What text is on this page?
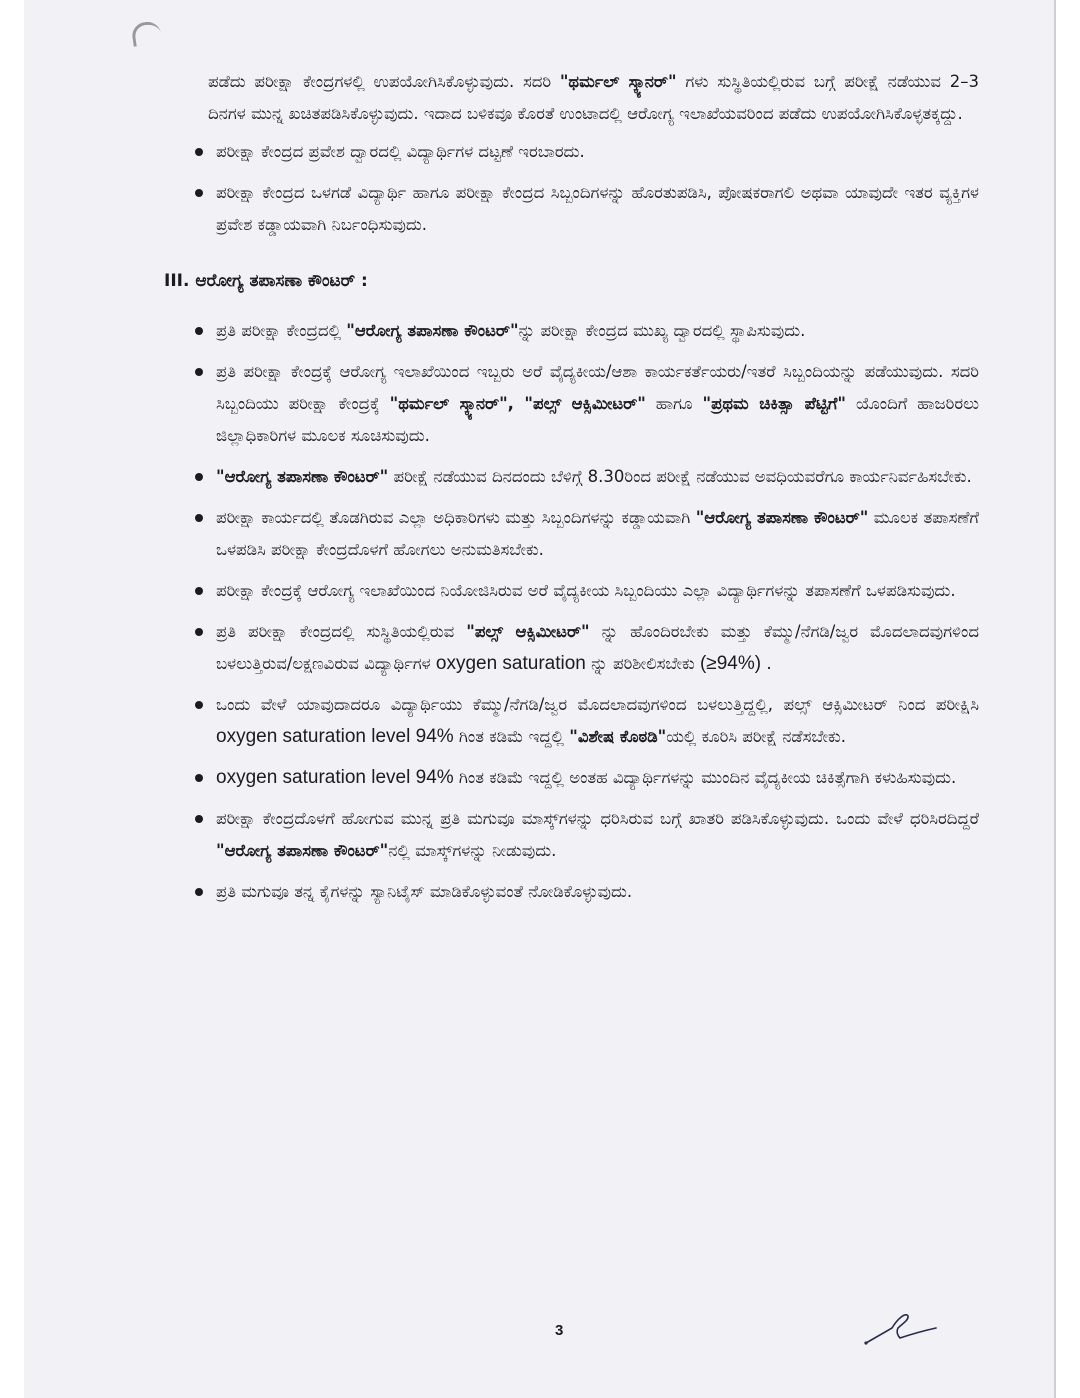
ಪಡೆದು ಪರೀಕ್ಷಾ ಕೇಂದ್ರಗಳಲ್ಲಿ ಉಪಯೋಗಿಸಿಕೊಳ್ಳುವುದು. ಸದರಿ "ಥರ್ಮಲ್ ಸ್ಕ್ಯಾನರ್" ಗಳು ಸುಸ್ಥಿತಿಯಲ್ಲಿರುವ ಬಗ್ಗೆ ಪರೀಕ್ಷೆ ನಡೆಯುವ 2–3 ದಿನಗಳ ಮುನ್ನ ಖಚಿತಪಡಿಸಿಕೊಳ್ಳುವುದು. ಇದಾದ ಬಳಿಕವೂ ಕೊರತೆ ಉಂಟಾದಲ್ಲಿ ಆರೋಗ್ಯ ಇಲಾಖೆಯವರಿಂದ ಪಡೆದು ಉಪಯೋಗಿಸಿಕೊಳ್ಳತಕ್ಕದ್ದು.

ಪರೀಕ್ಷಾ ಕೇಂದ್ರದ ಪ್ರವೇಶ ದ್ವಾರದಲ್ಲಿ ವಿದ್ಯಾರ್ಥಿಗಳ ದಟ್ಟಣೆ ಇರಬಾರದು.
ಪರೀಕ್ಷಾ ಕೇಂದ್ರದ ಒಳಗಡೆ ವಿದ್ಯಾರ್ಥಿ ಹಾಗೂ ಪರೀಕ್ಷಾ ಕೇಂದ್ರದ ಸಿಬ್ಬಂದಿಗಳನ್ನು ಹೊರತುಪಡಿಸಿ, ಪೋಷಕರಾಗಲಿ ಅಥವಾ ಯಾವುದೇ ಇತರ ವ್ಯಕ್ತಿಗಳ ಪ್ರವೇಶ ಕಡ್ಡಾಯವಾಗಿ ನಿರ್ಬಂಧಿಸುವುದು.

III. ಆರೋಗ್ಯ ತಪಾಸಣಾ ಕೌಂಟರ್ :

ಪ್ರತಿ ಪರೀಕ್ಷಾ ಕೇಂದ್ರದಲ್ಲಿ "ಆರೋಗ್ಯ ತಪಾಸಣಾ ಕೌಂಟರ್"ನ್ನು ಪರೀಕ್ಷಾ ಕೇಂದ್ರದ ಮುಖ್ಯ ದ್ವಾರದಲ್ಲಿ ಸ್ಥಾಪಿಸುವುದು.
ಪ್ರತಿ ಪರೀಕ್ಷಾ ಕೇಂದ್ರಕ್ಕೆ ಆರೋಗ್ಯ ಇಲಾಖೆಯಿಂದ ಇಬ್ಬರು ಅರೆ ವೈದ್ಯಕೀಯ/ಆಶಾ ಕಾರ್ಯಕರ್ತೆಯರು/ಇತರೆ ಸಿಬ್ಬಂದಿಯನ್ನು ಪಡೆಯುವುದು. ಸದರಿ ಸಿಬ್ಬಂದಿಯು ಪರೀಕ್ಷಾ ಕೇಂದ್ರಕ್ಕೆ "ಥರ್ಮಲ್ ಸ್ಕ್ಯಾನರ್", "ಪಲ್ಸ್ ಆಕ್ಸಿಮೀಟರ್" ಹಾಗೂ "ಪ್ರಥಮ ಚಿಕಿತ್ಸಾ ಪೆಟ್ಟಿಗೆ" ಯೊಂದಿಗೆ ಹಾಜರಿರಲು ಜಿಲ್ಲಾಧಿಕಾರಿಗಳ ಮೂಲಕ ಸೂಚಿಸುವುದು.
"ಆರೋಗ್ಯ ತಪಾಸಣಾ ಕೌಂಟರ್" ಪರೀಕ್ಷೆ ನಡೆಯುವ ದಿನದಂದು ಬೆಳಿಗ್ಗೆ 8.30ರಿಂದ ಪರೀಕ್ಷೆ ನಡೆಯುವ ಅವಧಿಯವರೆಗೂ ಕಾರ್ಯನಿರ್ವಹಿಸಬೇಕು.
ಪರೀಕ್ಷಾ ಕಾರ್ಯದಲ್ಲಿ ತೊಡಗಿರುವ ಎಲ್ಲಾ ಅಧಿಕಾರಿಗಳು ಮತ್ತು ಸಿಬ್ಬಂದಿಗಳನ್ನು ಕಡ್ಡಾಯವಾಗಿ "ಆರೋಗ್ಯ ತಪಾಸಣಾ ಕೌಂಟರ್" ಮೂಲಕ ತಪಾಸಣೆಗೆ ಒಳಪಡಿಸಿ ಪರೀಕ್ಷಾ ಕೇಂದ್ರದೊಳಗೆ ಹೋಗಲು ಅನುಮತಿಸಬೇಕು.
ಪರೀಕ್ಷಾ ಕೇಂದ್ರಕ್ಕೆ ಆರೋಗ್ಯ ಇಲಾಖೆಯಿಂದ ನಿಯೋಜಿಸಿರುವ ಅರೆ ವೈದ್ಯಕೀಯ ಸಿಬ್ಬಂದಿಯು ಎಲ್ಲಾ ವಿದ್ಯಾರ್ಥಿಗಳನ್ನು ತಪಾಸಣೆಗೆ ಒಳಪಡಿಸುವುದು.
ಪ್ರತಿ ಪರೀಕ್ಷಾ ಕೇಂದ್ರದಲ್ಲಿ ಸುಸ್ಥಿತಿಯಲ್ಲಿರುವ "ಪಲ್ಸ್ ಆಕ್ಸಿಮೀಟರ್" ನ್ನು ಹೊಂದಿರಬೇಕು ಮತ್ತು ಕೆಮ್ಮು/ನೆಗಡಿ/ಜ್ವರ ಮೊದಲಾದವುಗಳಿಂದ ಬಳಲುತ್ತಿರುವ/ಲಕ್ಷಣವಿರುವ ವಿದ್ಯಾರ್ಥಿಗಳ oxygen saturation ನ್ನು ಪರಿಶೀಲಿಸಬೇಕು (≥94%) .
ಒಂದು ವೇಳೆ ಯಾವುದಾದರೂ ವಿದ್ಯಾರ್ಥಿಯು ಕೆಮ್ಮು/ನೆಗಡಿ/ಜ್ವರ ಮೊದಲಾದವುಗಳಿಂದ ಬಳಲುತ್ತಿದ್ದಲ್ಲಿ, ಪಲ್ಸ್ ಆಕ್ಸಿಮೀಟರ್ ನಿಂದ ಪರೀಕ್ಷಿಸಿ oxygen saturation level 94% ಗಿಂತ ಕಡಿಮೆ ಇದ್ದಲ್ಲಿ "ವಿಶೇಷ ಕೊಠಡಿ"ಯಲ್ಲಿ ಕೂರಿಸಿ ಪರೀಕ್ಷೆ ನಡೆಸಬೇಕು.
oxygen saturation level 94% ಗಿಂತ ಕಡಿಮೆ ಇದ್ದಲ್ಲಿ ಅಂತಹ ವಿದ್ಯಾರ್ಥಿಗಳನ್ನು ಮುಂದಿನ ವೈದ್ಯಕೀಯ ಚಿಕಿತ್ಸೆಗಾಗಿ ಕಳುಹಿಸುವುದು.
ಪರೀಕ್ಷಾ ಕೇಂದ್ರದೊಳಗೆ ಹೋಗುವ ಮುನ್ನ ಪ್ರತಿ ಮಗುವೂ ಮಾಸ್ಕ್‌ಗಳನ್ನು ಧರಿಸಿರುವ ಬಗ್ಗೆ ಖಾತರಿ ಪಡಿಸಿಕೊಳ್ಳುವುದು. ಒಂದು ವೇಳೆ ಧರಿಸಿರದಿದ್ದರೆ "ಆರೋಗ್ಯ ತಪಾಸಣಾ ಕೌಂಟರ್"ನಲ್ಲಿ ಮಾಸ್ಕ್‌ಗಳನ್ನು ನೀಡುವುದು.
ಪ್ರತಿ ಮಗುವೂ ತನ್ನ ಕೈಗಳನ್ನು ಸ್ಯಾನಿಟೈಸ್ ಮಾಡಿಕೊಳ್ಳುವಂತೆ ನೋಡಿಕೊಳ್ಳುವುದು.
3
